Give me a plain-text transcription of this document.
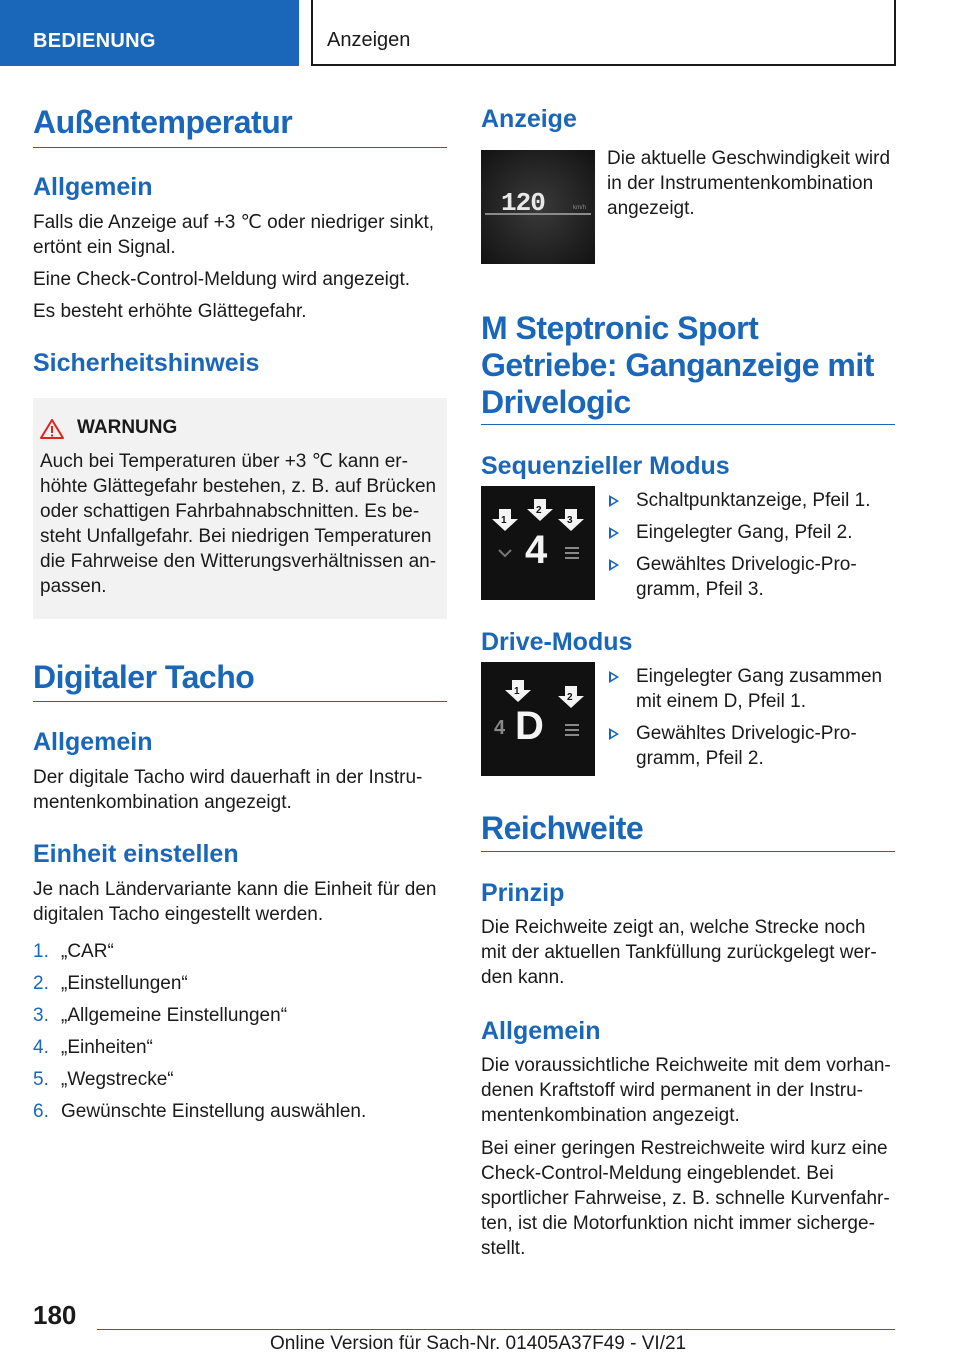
BEDIENUNG	Anzeigen
Außentemperatur
Allgemein
Falls die Anzeige auf +3 ℃ oder niedriger sinkt, ertönt ein Signal.
Eine Check-Control-Meldung wird angezeigt.
Es besteht erhöhte Glättegefahr.
Sicherheitshinweis
WARNUNG
Auch bei Temperaturen über +3 ℃ kann erhöhte Glättegefahr bestehen, z. B. auf Brücken oder schattigen Fahrbahnabschnitten. Es besteht Unfallgefahr. Bei niedrigen Temperaturen die Fahrweise den Witterungsverhältnissen anpassen.
Digitaler Tacho
Allgemein
Der digitale Tacho wird dauerhaft in der Instrumentenkombination angezeigt.
Einheit einstellen
Je nach Ländervariante kann die Einheit für den digitalen Tacho eingestellt werden.
1. „CAR“
2. „Einstellungen“
3. „Allgemeine Einstellungen“
4. „Einheiten“
5. „Wegstrecke“
6. Gewünschte Einstellung auswählen.
Anzeige
120	km/h
Die aktuelle Geschwindigkeit wird in der Instrumentenkombination angezeigt.
M Steptronic Sport Getriebe: Ganganzeige mit Drivelogic
Sequenzieller Modus
1
2
3
4
Schaltpunktanzeige, Pfeil 1.
Eingelegter Gang, Pfeil 2.
Gewähltes Drivelogic-Programm, Pfeil 3.
Drive-Modus
1
2
4 D
Eingelegter Gang zusammen mit einem D, Pfeil 1.
Gewähltes Drivelogic-Programm, Pfeil 2.
Reichweite
Prinzip
Die Reichweite zeigt an, welche Strecke noch mit der aktuellen Tankfüllung zurückgelegt werden kann.
Allgemein
Die voraussichtliche Reichweite mit dem vorhandenen Kraftstoff wird permanent in der Instrumentenkombination angezeigt.
Bei einer geringen Restreichweite wird kurz eine Check-Control-Meldung eingeblendet. Bei sportlicher Fahrweise, z. B. schnelle Kurvenfahrten, ist die Motorfunktion nicht immer sichergestellt.
180
Online Version für Sach-Nr. 01405A37F49 - VI/21
